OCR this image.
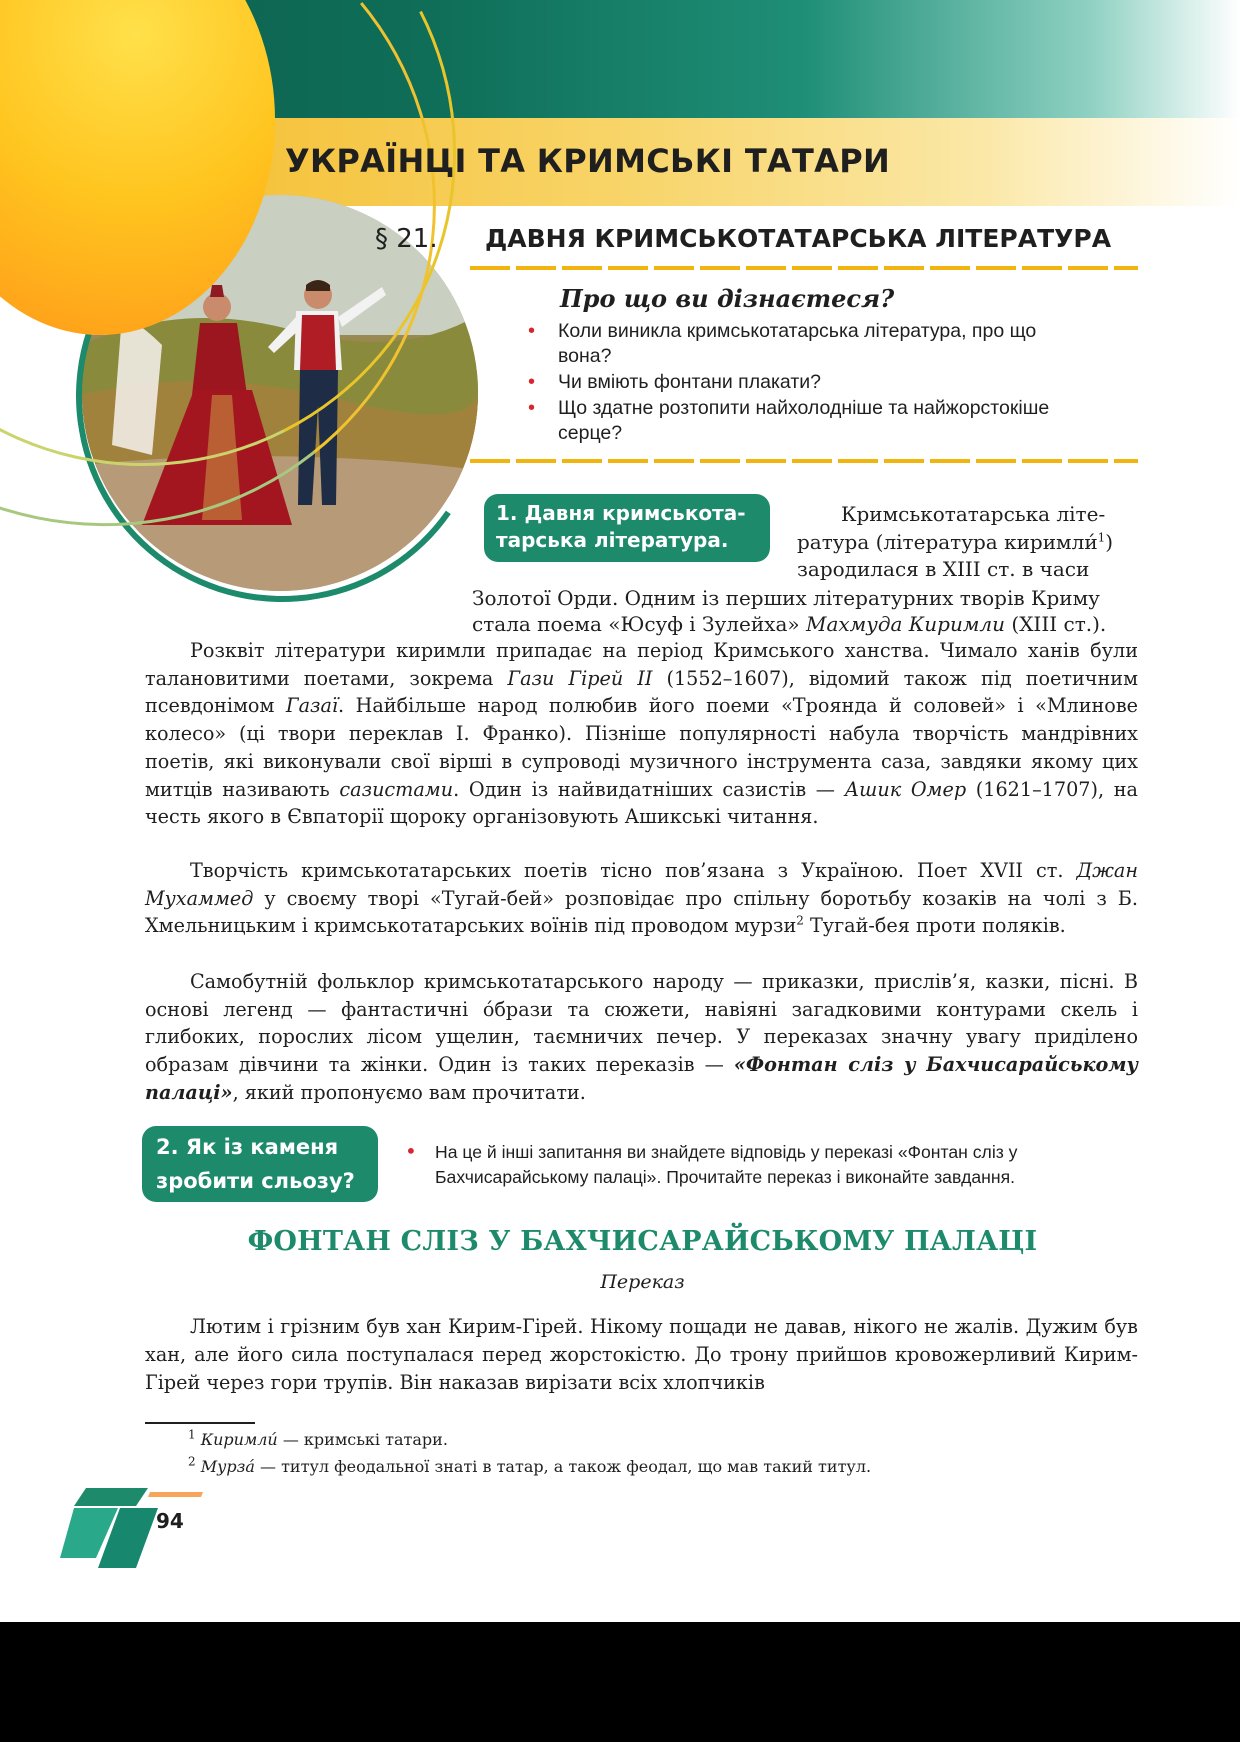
УКРАЇНЦІ ТА КРИМСЬКІ ТАТАРИ
§ 21. ДАВНЯ КРИМСЬКОТАТАРСЬКА ЛІТЕРАТУРА
Про що ви дізнаєтеся?
• Коли виникла кримськотатарська література, про що
вона?
• Чи вміють фонтани плакати?
• Що здатне розтопити найхолодніше та найжорстокіше
серце?
1. Давня кримськота-
тарська література.
Кримськотатарська літе-
ратура (література киримли́$^1$)
зародилася в XIII ст. в часи
Золотої Орди. Одним із перших літературних творів Криму
стала поема «Юсуф і Зулейха» Махмуда Киримли (XIII ст.).

Розквіт літератури киримли припадає на період Кримського ханства. Чимало ханів були талановитими поетами, зокрема Гази Гірей II (1552–1607), відомий також під поетичним псевдонімом Газаї. Найбільше народ полюбив його поеми «Троянда й соловей» і «Млинове колесо» (ці твори переклав І. Франко). Пізніше популярності набула творчість мандрівних поетів, які виконували свої вірші в супроводі музичного інструмента саза, завдяки якому цих митців називають сазистами. Один із найвидатніших сазистів — Ашик Омер (1621–1707), на честь якого в Євпаторії щороку організовують Ашикські читання.

Творчість кримськотатарських поетів тісно пов’язана з Україною. Поет XVII ст. Джан Мухаммед у своєму творі «Тугай-бей» розповідає про спільну боротьбу козаків на чолі з Б. Хмельницьким і кримськотатарських воїнів під проводом мурзи$^2$ Тугай-бея проти поляків.

Самобутній фольклор кримськотатарського народу — приказки, прислів’я, казки, пісні. В основі легенд — фантастичні о́брази та сюжети, навіяні загадковими контурами скель і глибоких, порослих лісом ущелин, таємничих печер. У переказах значну увагу приділено образам дівчини та жінки. Один із таких переказів — «Фонтан сліз у Бахчисарайському палаці», який пропонуємо вам прочитати.

2. Як із каменя
зробити сльозу?
• На це й інші запитання ви знайдете відповідь у переказі «Фонтан сліз у
Бахчисарайському палаці». Прочитайте переказ і виконайте завдання.

ФОНТАН СЛІЗ У БАХЧИСАРАЙСЬКОМУ ПАЛАЦІ
Переказ

Лютим і грізним був хан Кирим-Гірей. Нікому пощади не давав, нікого не жалів. Дужим був хан, але його сила поступалася перед жорстокістю. До трону прийшов кровожерливий Кирим-Гірей через гори трупів. Він наказав вирізати всіх хлопчиків

$^1$ Киримли́ — кримські татари.
$^2$ Мурза́ — титул феодальної знаті в татар, а також феодал, що мав такий титул.
94
